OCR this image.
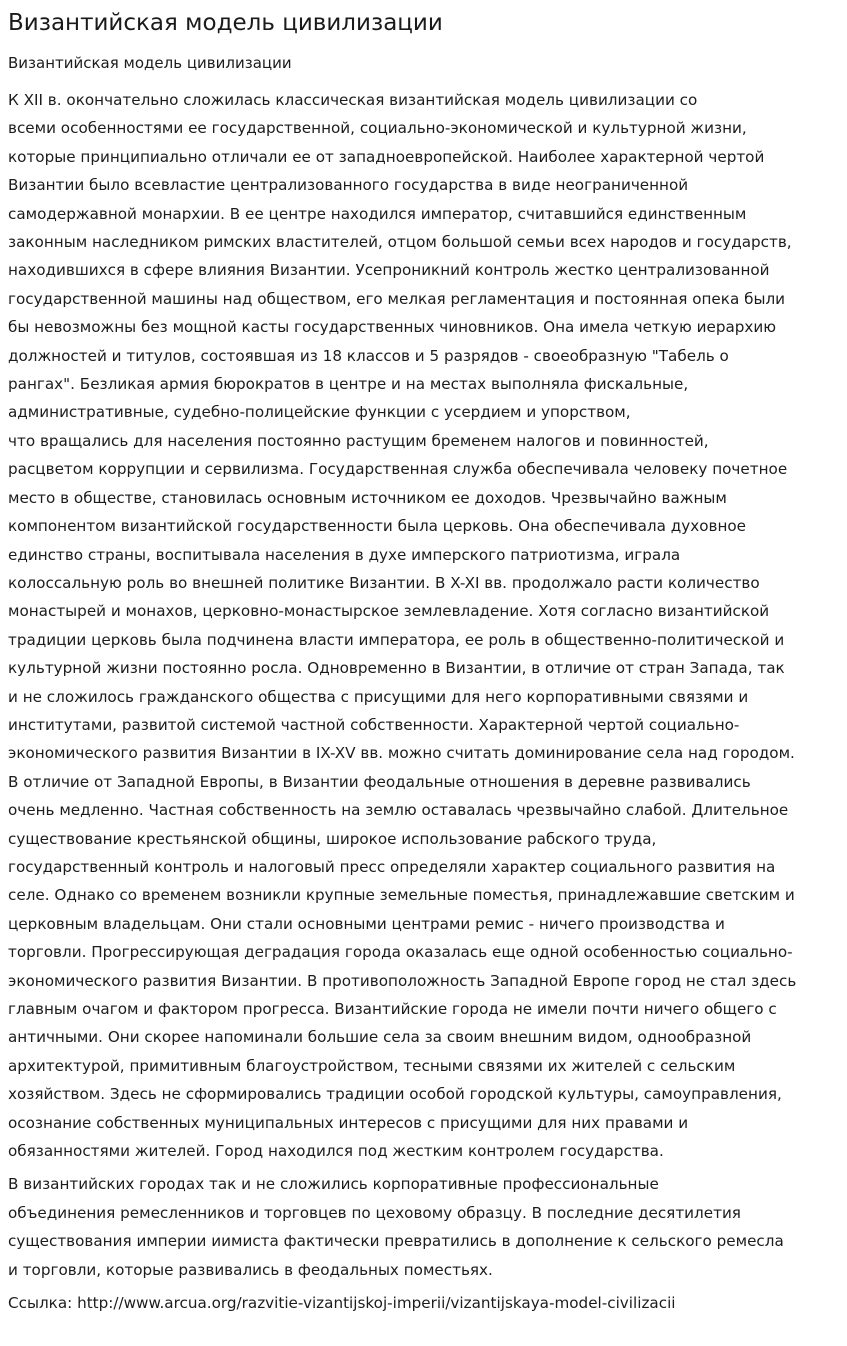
Византийская модель цивилизации
Византийская модель цивилизации
К XII в. окончательно сложилась классическая византийская модель цивилизации со
всеми особенностями ее государственной, социально-экономической и культурной жизни,
которые принципиально отличали ее от западноевропейской. Наиболее характерной чертой
Византии было всевластие централизованного государства в виде неограниченной
самодержавной монархии. В ее центре находился император, считавшийся единственным
законным наследником римских властителей, отцом большой семьи всех народов и государств,
находившихся в сфере влияния Византии. Усепроникний контроль жестко централизованной
государственной машины над обществом, его мелкая регламентация и постоянная опека были
бы невозможны без мощной касты государственных чиновников. Она имела четкую иерархию
должностей и титулов, состоявшая из 18 классов и 5 разрядов - своеобразную "Табель о
рангах". Безликая армия бюрократов в центре и на местах выполняла фискальные,
административные, судебно-полицейские функции с усердием и упорством,
что вращались для населения постоянно растущим бременем налогов и повинностей,
расцветом коррупции и сервилизма. Государственная служба обеспечивала человеку почетное
место в обществе, становилась основным источником ее доходов. Чрезвычайно важным
компонентом византийской государственности была церковь. Она обеспечивала духовное
единство страны, воспитывала населения в духе имперского патриотизма, играла
колоссальную роль во внешней политике Византии. В X-XI вв. продолжало расти количество
монастырей и монахов, церковно-монастырское землевладение. Хотя согласно византийской
традиции церковь была подчинена власти императора, ее роль в общественно-политической и
культурной жизни постоянно росла. Одновременно в Византии, в отличие от стран Запада, так
и не сложилось гражданского общества с присущими для него корпоративными связями и
институтами, развитой системой частной собственности. Характерной чертой социально-
экономического развития Византии в IX-XV вв. можно считать доминирование села над городом.
В отличие от Западной Европы, в Византии феодальные отношения в деревне развивались
очень медленно. Частная собственность на землю оставалась чрезвычайно слабой. Длительное
существование крестьянской общины, широкое использование рабского труда,
государственный контроль и налоговый пресс определяли характер социального развития на
селе. Однако со временем возникли крупные земельные поместья, принадлежавшие светским и
церковным владельцам. Они стали основными центрами ремис - ничего производства и
торговли. Прогрессирующая деградация города оказалась еще одной особенностью социально-
экономического развития Византии. В противоположность Западной Европе город не стал здесь
главным очагом и фактором прогресса. Византийские города не имели почти ничего общего с
античными. Они скорее напоминали большие села за своим внешним видом, однообразной
архитектурой, примитивным благоустройством, тесными связями их жителей с сельским
хозяйством. Здесь не сформировались традиции особой городской культуры, самоуправления,
осознание собственных муниципальных интересов с присущими для них правами и
обязанностями жителей. Город находился под жестким контролем государства.
В византийских городах так и не сложились корпоративные профессиональные
объединения ремесленников и торговцев по цеховому образцу. В последние десятилетия
существования империи иимиста фактически превратились в дополнение к сельского ремесла
и торговли, которые развивались в феодальных поместьях.
Ссылка: http://www.arcua.org/razvitie-vizantijskoj-imperii/vizantijskaya-model-civilizacii
